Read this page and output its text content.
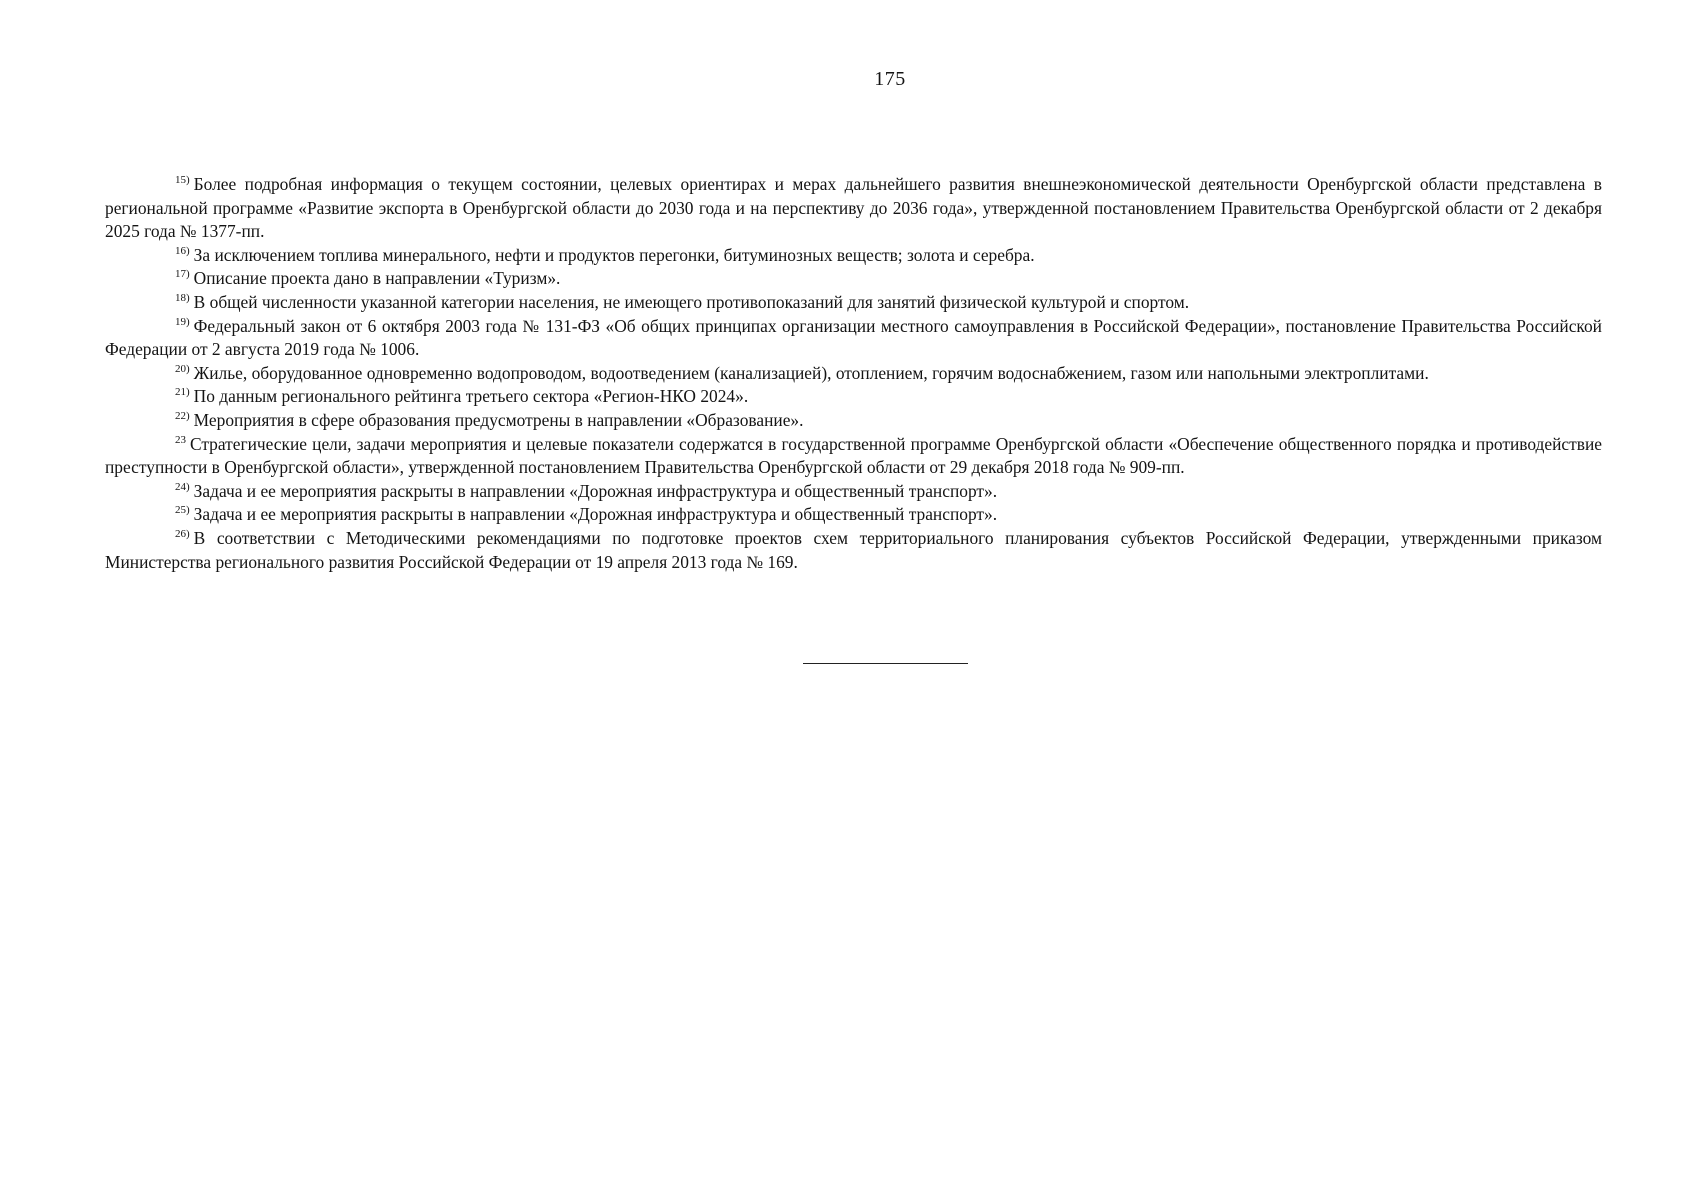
175

$^{15)}$ Более подробная информация о текущем состоянии, целевых ориентирах и мерах дальнейшего развития внешнеэкономической деятельности Оренбургской области представлена в региональной программе «Развитие экспорта в Оренбургской области до 2030 года и на перспективу до 2036 года», утвержденной постановлением Правительства Оренбургской области от 2 декабря 2025 года № 1377-пп.

$^{16)}$ За исключением топлива минерального, нефти и продуктов перегонки, битуминозных веществ; золота и серебра.

$^{17)}$ Описание проекта дано в направлении «Туризм».

$^{18)}$ В общей численности указанной категории населения, не имеющего противопоказаний для занятий физической культурой и спортом.

$^{19)}$ Федеральный закон от 6 октября 2003 года № 131-ФЗ «Об общих принципах организации местного самоуправления в Российской Федерации», постановление Правительства Российской Федерации от 2 августа 2019 года № 1006.

$^{20)}$ Жилье, оборудованное одновременно водопроводом, водоотведением (канализацией), отоплением, горячим водоснабжением, газом или напольными электроплитами.

$^{21)}$ По данным регионального рейтинга третьего сектора «Регион-НКО 2024».

$^{22)}$ Мероприятия в сфере образования предусмотрены в направлении «Образование».

$^{23}$ Стратегические цели, задачи мероприятия и целевые показатели содержатся в государственной программе Оренбургской области «Обеспечение общественного порядка и противодействие преступности в Оренбургской области», утвержденной постановлением Правительства Оренбургской области от 29 декабря 2018 года № 909-пп.

$^{24)}$ Задача и ее мероприятия раскрыты в направлении «Дорожная инфраструктура и общественный транспорт».

$^{25)}$ Задача и ее мероприятия раскрыты в направлении «Дорожная инфраструктура и общественный транспорт».

$^{26)}$ В соответствии с Методическими рекомендациями по подготовке проектов схем территориального планирования субъектов Российской Федерации, утвержденными приказом Министерства регионального развития Российской Федерации от 19 апреля 2013 года № 169.
